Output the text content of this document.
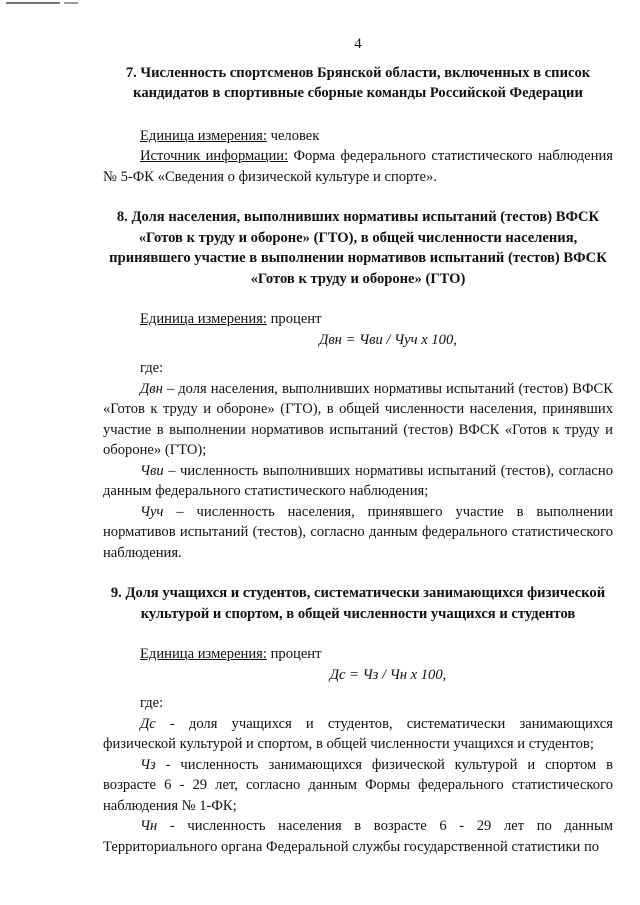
4

7. Численность спортсменов Брянской области, включенных в список кандидатов в спортивные сборные команды Российской Федерации

Единица измерения: человек

Источник информации: Форма федерального статистического наблюдения № 5-ФК «Сведения о физической культуре и спорте».

8. Доля населения, выполнивших нормативы испытаний (тестов) ВФСК «Готов к труду и обороне» (ГТО), в общей численности населения, принявшего участие в выполнении нормативов испытаний (тестов) ВФСК «Готов к труду и обороне» (ГТО)

Единица измерения: процент

Двн = Чви / Чуч х 100,

где:

Двн – доля населения, выполнивших нормативы испытаний (тестов) ВФСК «Готов к труду и обороне» (ГТО), в общей численности населения, принявших участие в выполнении нормативов испытаний (тестов) ВФСК «Готов к труду и обороне» (ГТО);

Чви – численность выполнивших нормативы испытаний (тестов), согласно данным федерального статистического наблюдения;

Чуч – численность населения, принявшего участие в выполнении нормативов испытаний (тестов), согласно данным федерального статистического наблюдения.

9. Доля учащихся и студентов, систематически занимающихся физической культурой и спортом, в общей численности учащихся и студентов

Единица измерения: процент

Дс = Чз / Чн х 100,

где:

Дс - доля учащихся и студентов, систематически занимающихся физической культурой и спортом, в общей численности учащихся и студентов;

Чз - численность занимающихся физической культурой и спортом в возрасте 6 - 29 лет, согласно данным Формы федерального статистического наблюдения № 1-ФК;

Чн - численность населения в возрасте 6 - 29 лет по данным Территориального органа Федеральной службы государственной статистики по
